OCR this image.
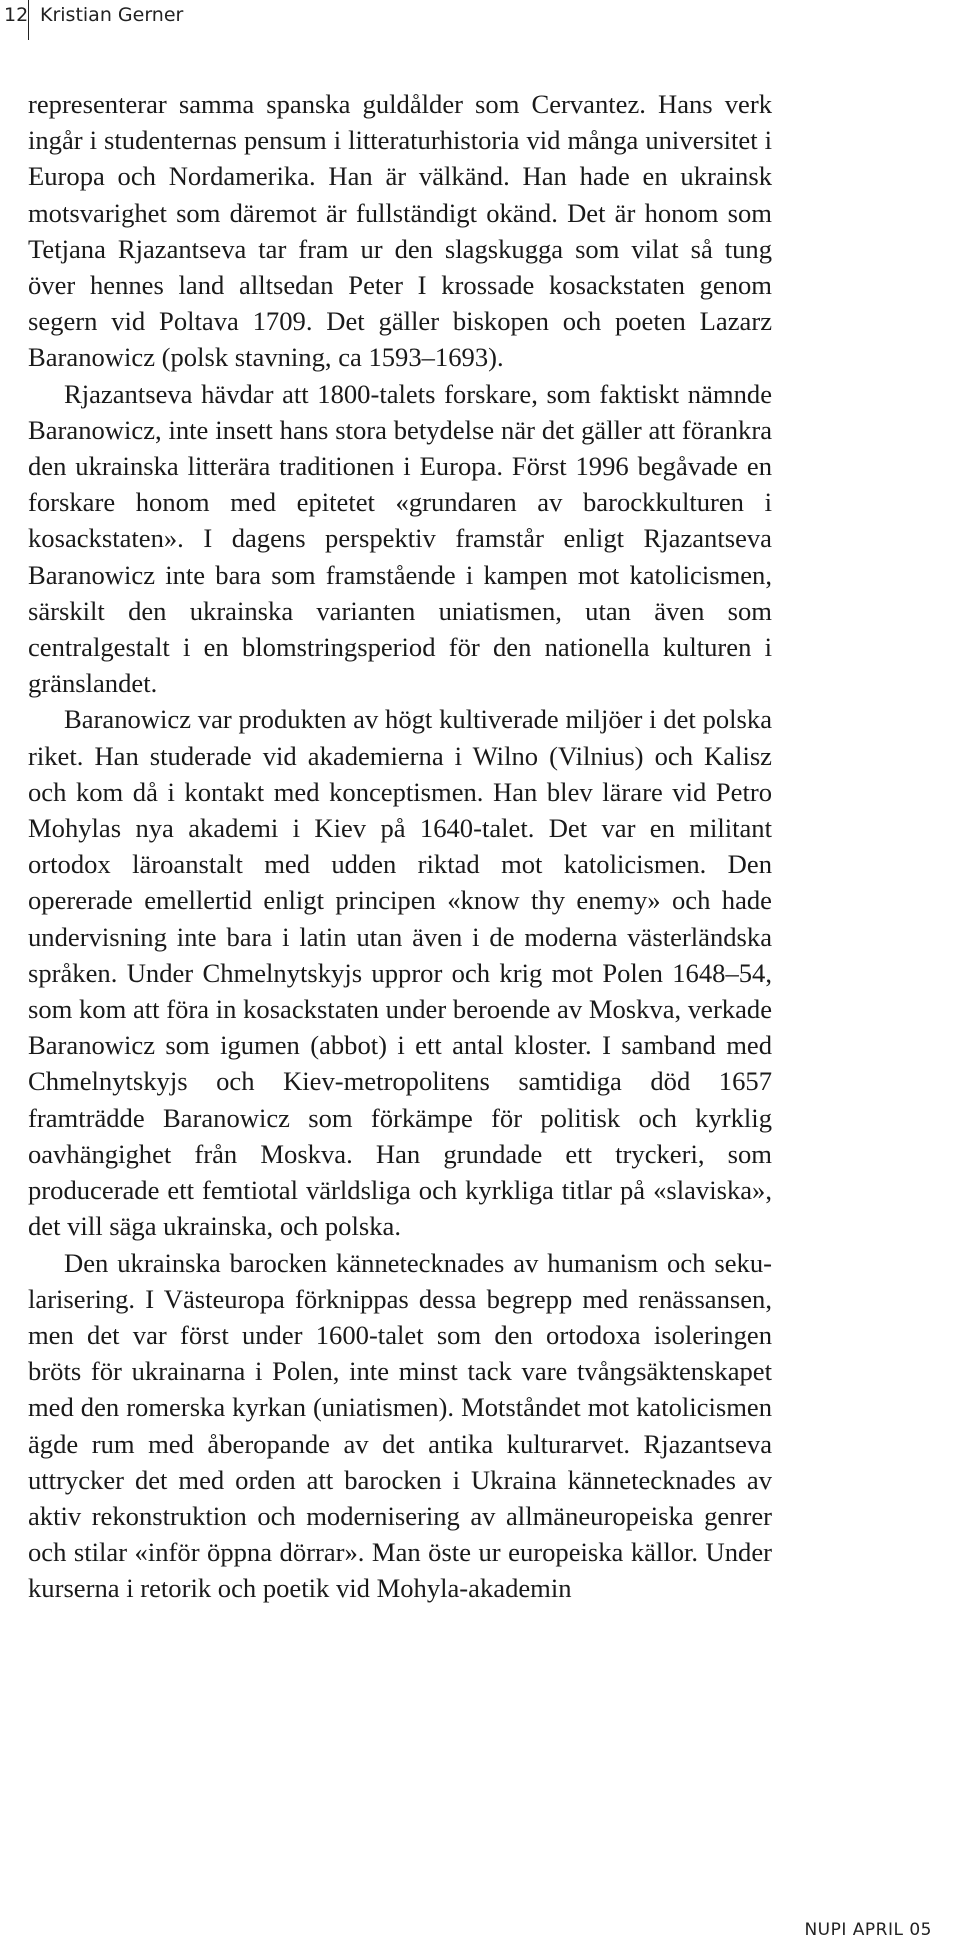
12 Kristian Gerner

representerar samma spanska guldålder som Cervantez. Hans verk ingår i studenternas pensum i litteraturhistoria vid många universitet i Europa och Nordamerika. Han är välkänd. Han hade en ukrainsk motsvarighet som däremot är fullständigt okänd. Det är honom som Tetjana Rjazantseva tar fram ur den slagskugga som vilat så tung över hennes land alltsedan Peter I krossade kosackstaten genom segern vid Poltava 1709. Det gäller biskopen och poeten Lazarz Baranowicz (polsk stavning, ca 1593–1693).

Rjazantseva hävdar att 1800-talets forskare, som faktiskt nämnde Baranowicz, inte insett hans stora betydelse när det gäller att förankra den ukrainska litterära traditionen i Europa. Först 1996 begåvade en forskare honom med epitetet «grundaren av barockkulturen i kosackstaten». I dagens perspektiv framstår enligt Rjazantseva Baranowicz inte bara som framstående i kampen mot katolicismen, särskilt den ukrainska varianten uniatismen, utan även som centralgestalt i en blomstringsperiod för den nationella kulturen i gränslandet.

Baranowicz var produkten av högt kultiverade miljöer i det polska riket. Han studerade vid akademierna i Wilno (Vilnius) och Kalisz och kom då i kontakt med konceptismen. Han blev lärare vid Petro Mohylas nya akademi i Kiev på 1640-talet. Det var en militant ortodox läroanstalt med udden riktad mot katolicismen. Den opererade emellertid enligt principen «know thy enemy» och hade undervisning inte bara i latin utan även i de moderna västerländska språken. Under Chmelnytskyjs uppror och krig mot Polen 1648–54, som kom att föra in kosackstaten under beroende av Moskva, verkade Baranowicz som igumen (abbot) i ett antal kloster. I samband med Chmelnytskyjs och Kiev-metropolitens samtidiga död 1657 framträdde Baranowicz som förkämpe för politisk och kyrklig oavhängighet från Moskva. Han grundade ett tryckeri, som producerade ett femtiotal världsliga och kyrkliga titlar på «slaviska», det vill säga ukrainska, och polska.

Den ukrainska barocken kännetecknades av humanism och sekularisering. I Västeuropa förknippas dessa begrepp med renässansen, men det var först under 1600-talet som den ortodoxa isoleringen bröts för ukrainarna i Polen, inte minst tack vare tvångsäktenskapet med den romerska kyrkan (uniatismen). Motståndet mot katolicismen ägde rum med åberopande av det antika kulturarvet. Rjazantseva uttrycker det med orden att barocken i Ukraina kännetecknades av aktiv rekonstruktion och modernisering av allmäneuropeiska genrer och stilar «inför öppna dörrar». Man öste ur europeiska källor. Under kurserna i retorik och poetik vid Mohyla-akademin

NUPI APRIL 05
